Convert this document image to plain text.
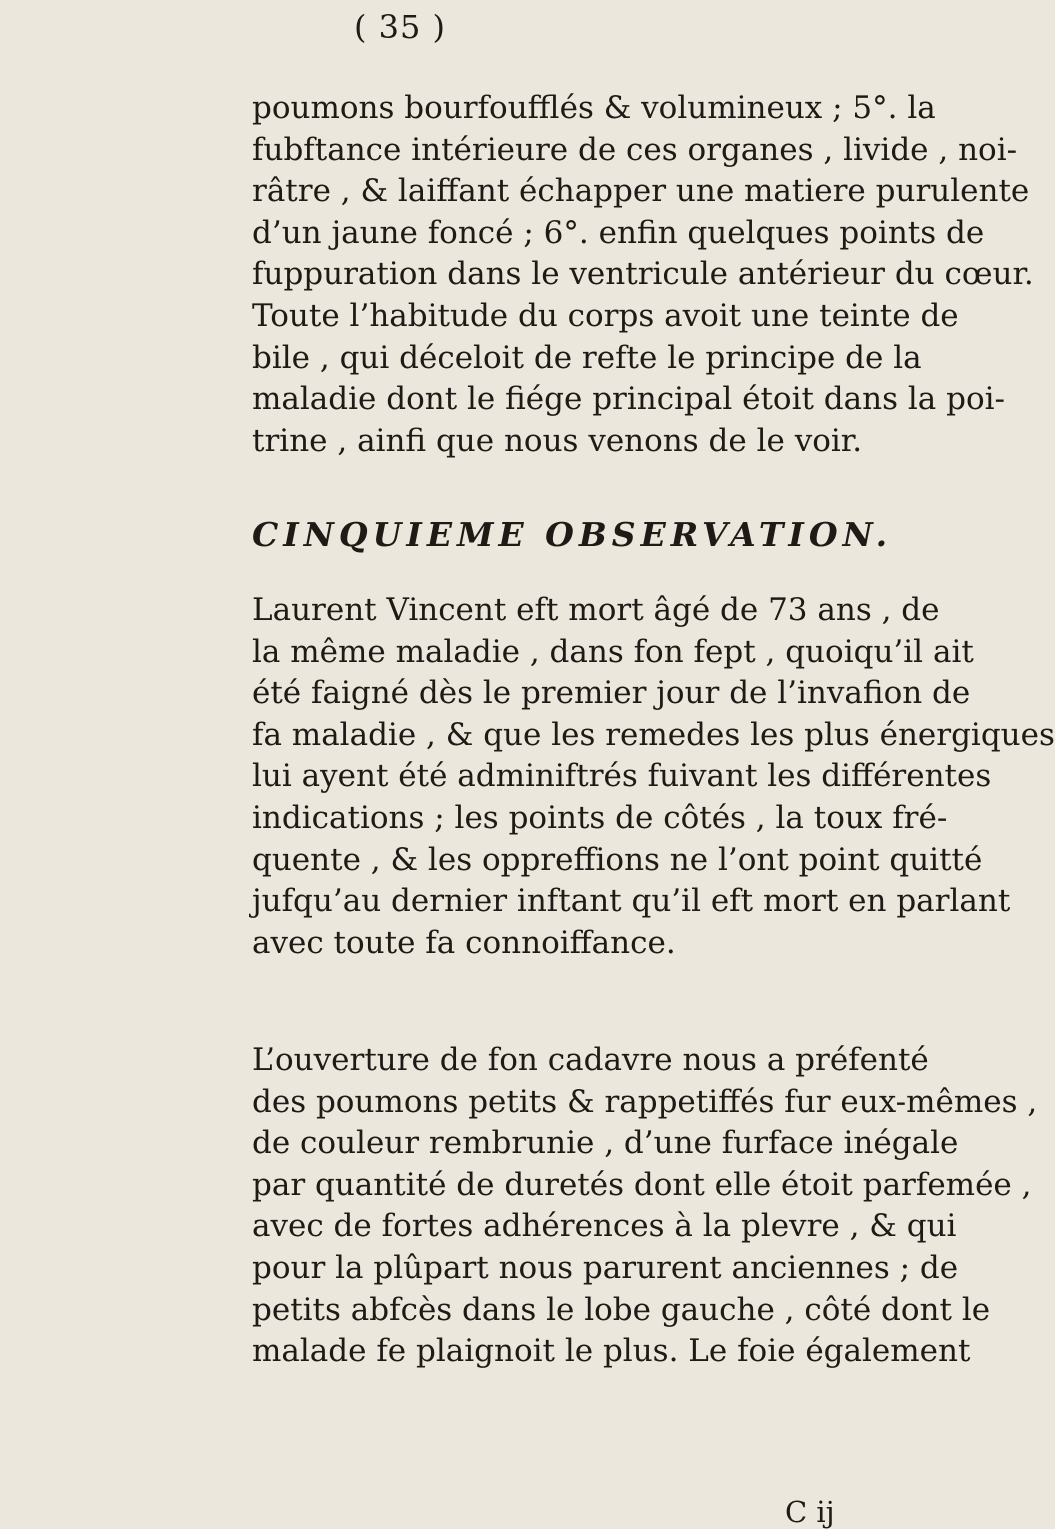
( 35 )
poumons bourfoufflés & volumineux ; 5°. la
fubftance intérieure de ces organes , livide , noi-
râtre , & laiffant échapper une matiere purulente
d’un jaune foncé ; 6°. enfin quelques points de
fuppuration dans le ventricule antérieur du cœur.
Toute l’habitude du corps avoit une teinte de
bile , qui déceloit de refte le principe de la
maladie dont le fiége principal étoit dans la poi-
trine , ainfi que nous venons de le voir.
CINQUIEME OBSERVATION.
Laurent Vincent eft mort âgé de 73 ans , de
la même maladie , dans fon fept , quoiqu’il ait
été faigné dès le premier jour de l’invafion de
fa maladie , & que les remedes les plus énergiques
lui ayent été adminiftrés fuivant les différentes
indications ; les points de côtés , la toux fré-
quente , & les oppreffions ne l’ont point quitté
jufqu’au dernier inftant qu’il eft mort en parlant
avec toute fa connoiffance.
L’ouverture de fon cadavre nous a préfenté
des poumons petits & rappetiffés fur eux-mêmes ,
de couleur rembrunie , d’une furface inégale
par quantité de duretés dont elle étoit parfemée ,
avec de fortes adhérences à la plevre , & qui
pour la plûpart nous parurent anciennes ; de
petits abfcès dans le lobe gauche , côté dont le
malade fe plaignoit le plus. Le foie également
C ij
